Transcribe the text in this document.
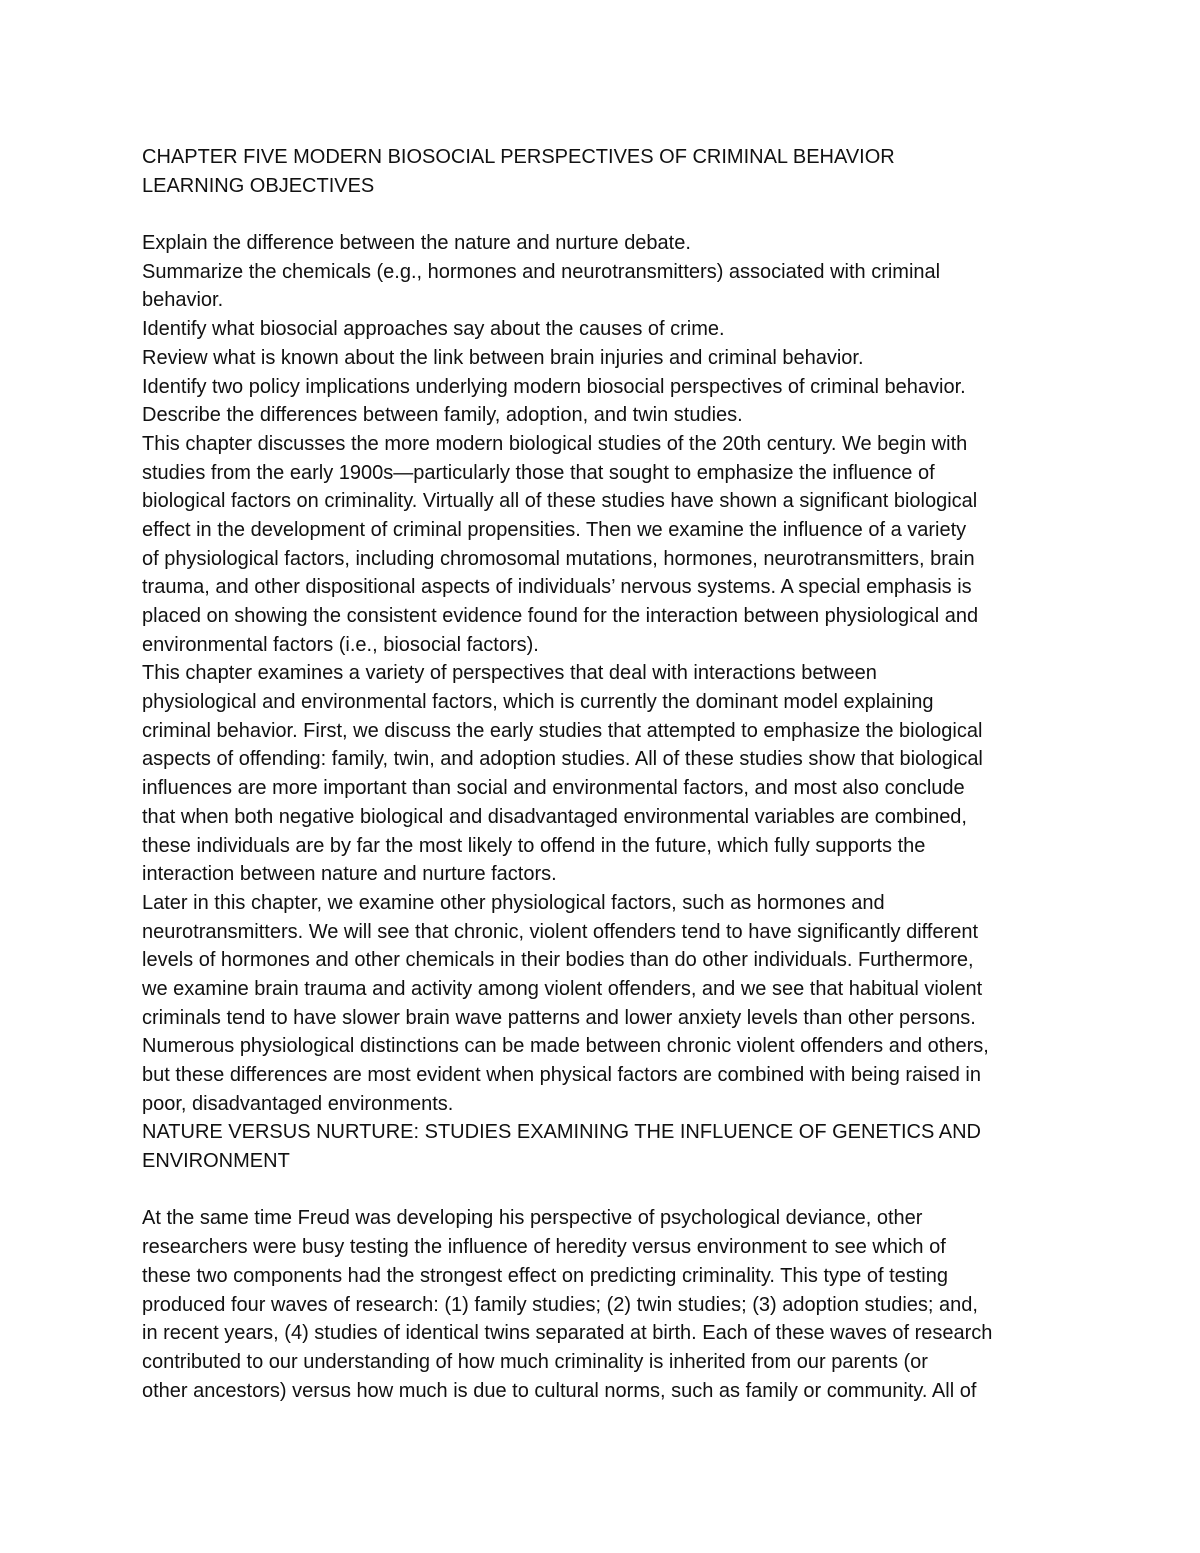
CHAPTER FIVE MODERN BIOSOCIAL PERSPECTIVES OF CRIMINAL BEHAVIOR
LEARNING OBJECTIVES
Explain the difference between the nature and nurture debate.
Summarize the chemicals (e.g., hormones and neurotransmitters) associated with criminal
behavior.
Identify what biosocial approaches say about the causes of crime.
Review what is known about the link between brain injuries and criminal behavior.
Identify two policy implications underlying modern biosocial perspectives of criminal behavior.
Describe the differences between family, adoption, and twin studies.
This chapter discusses the more modern biological studies of the 20th century. We begin with
studies from the early 1900s—particularly those that sought to emphasize the influence of
biological factors on criminality. Virtually all of these studies have shown a significant biological
effect in the development of criminal propensities. Then we examine the influence of a variety
of physiological factors, including chromosomal mutations, hormones, neurotransmitters, brain
trauma, and other dispositional aspects of individuals’ nervous systems. A special emphasis is
placed on showing the consistent evidence found for the interaction between physiological and
environmental factors (i.e., biosocial factors).
This chapter examines a variety of perspectives that deal with interactions between
physiological and environmental factors, which is currently the dominant model explaining
criminal behavior. First, we discuss the early studies that attempted to emphasize the biological
aspects of offending: family, twin, and adoption studies. All of these studies show that biological
influences are more important than social and environmental factors, and most also conclude
that when both negative biological and disadvantaged environmental variables are combined,
these individuals are by far the most likely to offend in the future, which fully supports the
interaction between nature and nurture factors.
Later in this chapter, we examine other physiological factors, such as hormones and
neurotransmitters. We will see that chronic, violent offenders tend to have significantly different
levels of hormones and other chemicals in their bodies than do other individuals. Furthermore,
we examine brain trauma and activity among violent offenders, and we see that habitual violent
criminals tend to have slower brain wave patterns and lower anxiety levels than other persons.
Numerous physiological distinctions can be made between chronic violent offenders and others,
but these differences are most evident when physical factors are combined with being raised in
poor, disadvantaged environments.
NATURE VERSUS NURTURE: STUDIES EXAMINING THE INFLUENCE OF GENETICS AND
ENVIRONMENT
At the same time Freud was developing his perspective of psychological deviance, other
researchers were busy testing the influence of heredity versus environment to see which of
these two components had the strongest effect on predicting criminality. This type of testing
produced four waves of research: (1) family studies; (2) twin studies; (3) adoption studies; and,
in recent years, (4) studies of identical twins separated at birth. Each of these waves of research
contributed to our understanding of how much criminality is inherited from our parents (or
other ancestors) versus how much is due to cultural norms, such as family or community. All of
